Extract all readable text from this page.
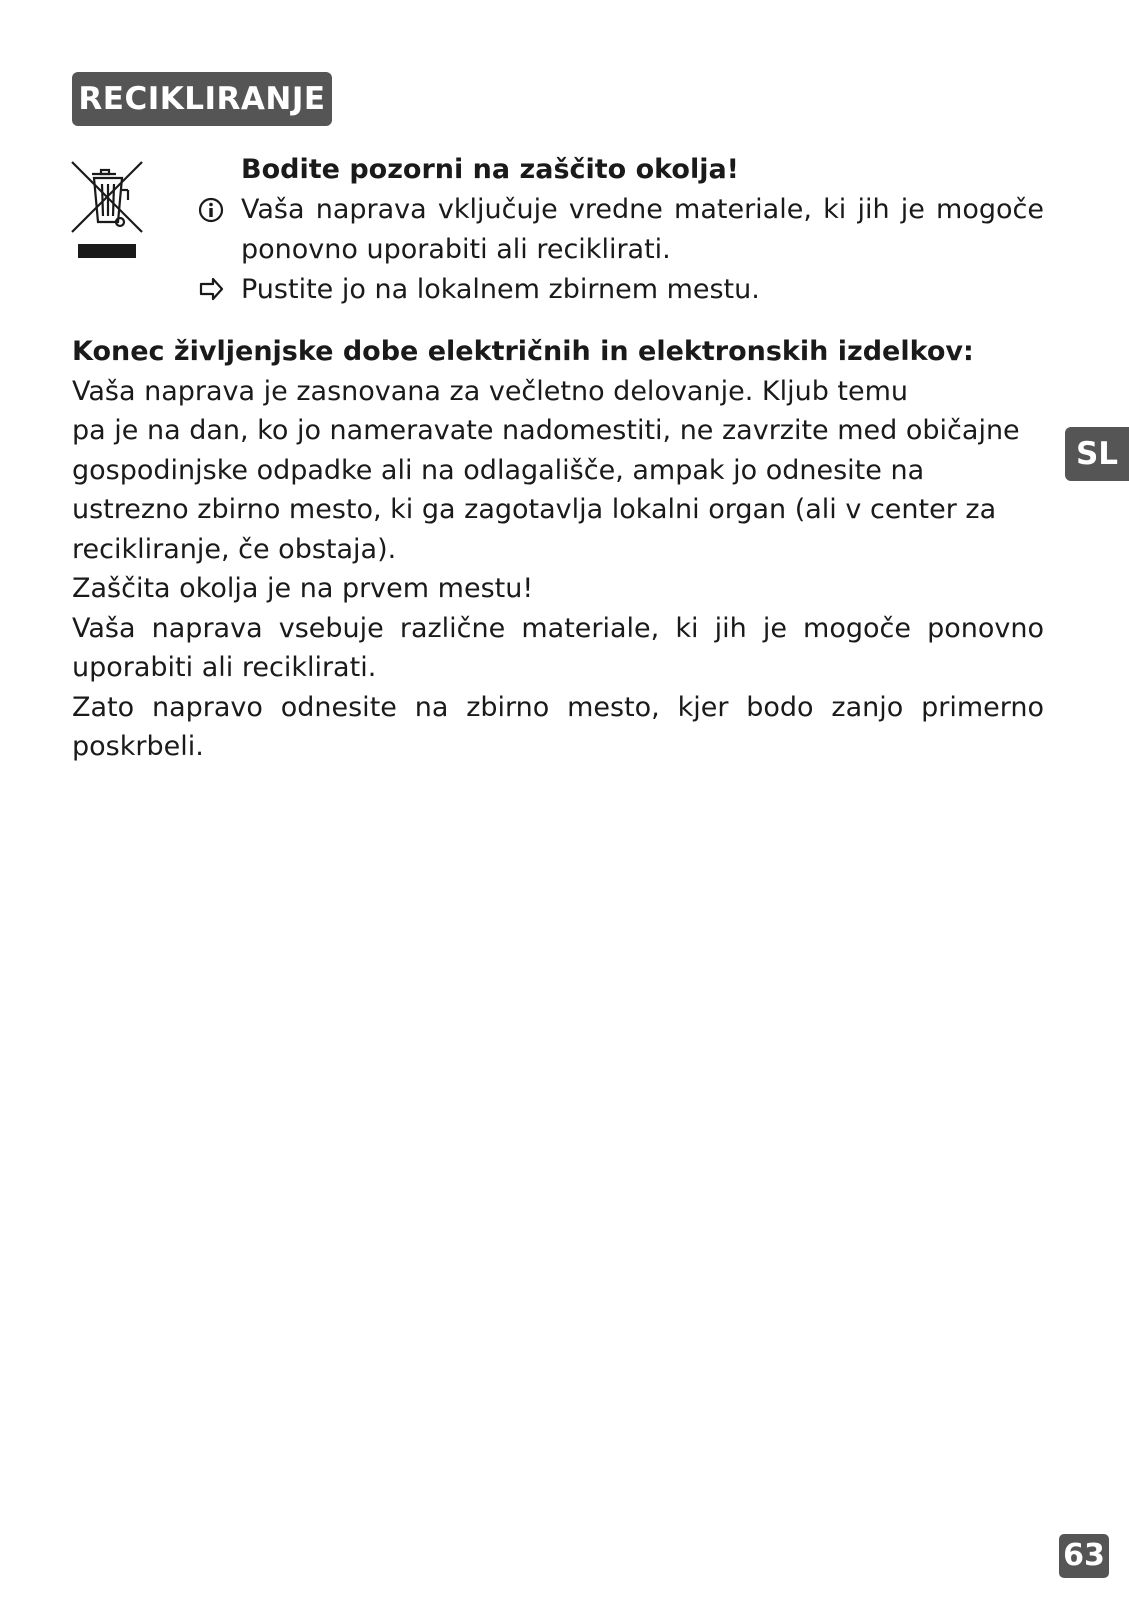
RECIKLIRANJE
Bodite pozorni na zaščito okolja!
Vaša naprava vključuje vredne materiale, ki jih je mogoče ponovno uporabiti ali reciklirati.
Pustite jo na lokalnem zbirnem mestu.
Konec življenjske dobe električnih in elektronskih izdelkov:

Vaša naprava je zasnovana za večletno delovanje. Kljub temu

pa je na dan, ko jo nameravate nadomestiti, ne zavrzite med običajne gospodinjske odpadke ali na odlagališče, ampak jo odnesite na ustrezno zbirno mesto, ki ga zagotavlja lokalni organ (ali v center za recikliranje, če obstaja).

Zaščita okolja je na prvem mestu!

Vaša naprava vsebuje različne materiale, ki jih je mogoče ponovno uporabiti ali reciklirati.

Zato napravo odnesite na zbirno mesto, kjer bodo zanjo primerno poskrbeli.

SL
63
